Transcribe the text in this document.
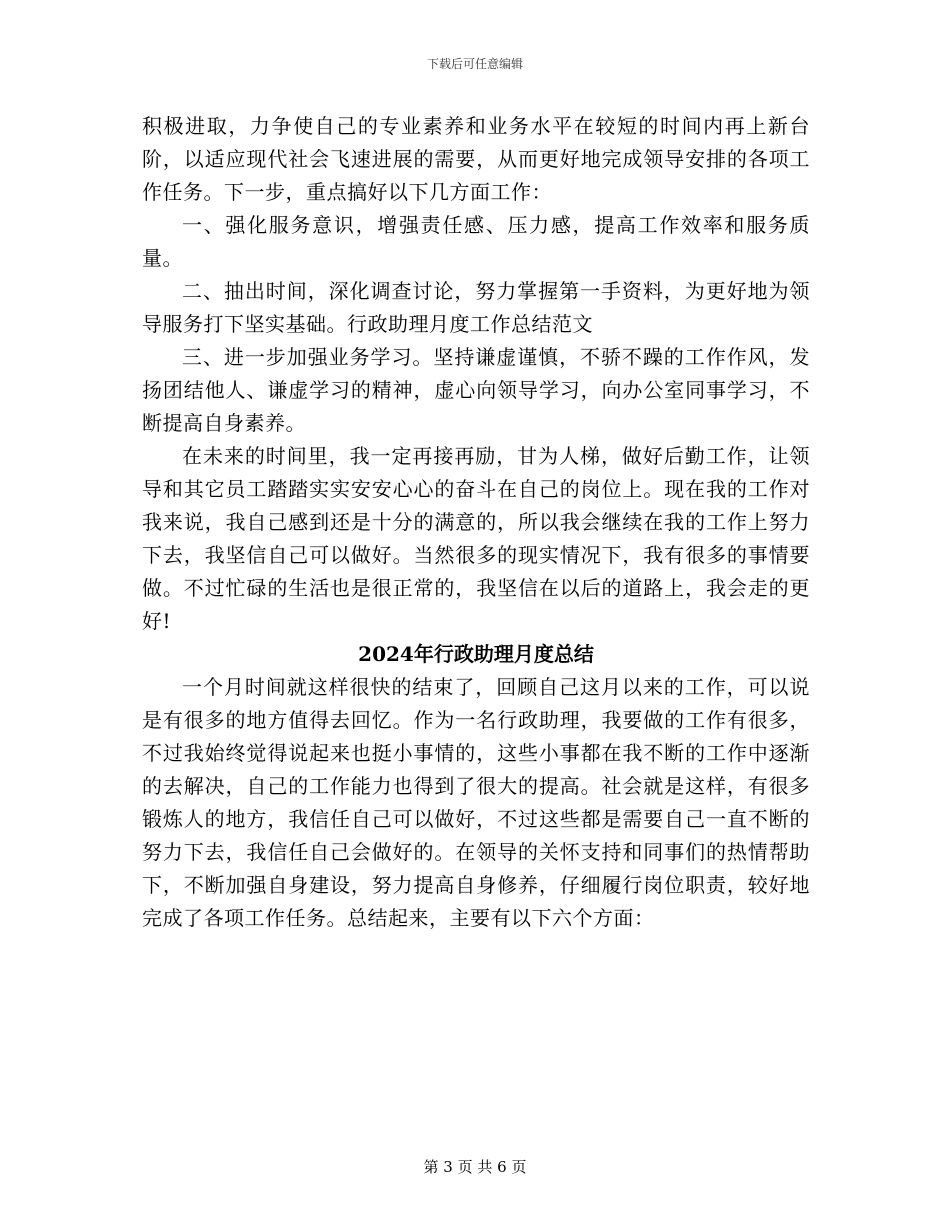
下载后可任意编辑

积极进取，力争使自己的专业素养和业务水平在较短的时间内再上新台阶，以适应现代社会飞速进展的需要，从而更好地完成领导安排的各项工作任务。下一步，重点搞好以下几方面工作：

一、强化服务意识，增强责任感、压力感，提高工作效率和服务质量。

二、抽出时间，深化调查讨论，努力掌握第一手资料，为更好地为领导服务打下坚实基础。行政助理月度工作总结范文

三、进一步加强业务学习。坚持谦虚谨慎，不骄不躁的工作作风，发扬团结他人、谦虚学习的精神，虚心向领导学习，向办公室同事学习，不断提高自身素养。

在未来的时间里，我一定再接再励，甘为人梯，做好后勤工作，让领导和其它员工踏踏实实安安心心的奋斗在自己的岗位上。现在我的工作对我来说，我自己感到还是十分的满意的，所以我会继续在我的工作上努力下去，我坚信自己可以做好。当然很多的现实情况下，我有很多的事情要做。不过忙碌的生活也是很正常的，我坚信在以后的道路上，我会走的更好!

2024年行政助理月度总结

一个月时间就这样很快的结束了，回顾自己这月以来的工作，可以说是有很多的地方值得去回忆。作为一名行政助理，我要做的工作有很多，不过我始终觉得说起来也挺小事情的，这些小事都在我不断的工作中逐渐的去解决，自己的工作能力也得到了很大的提高。社会就是这样，有很多锻炼人的地方，我信任自己可以做好，不过这些都是需要自己一直不断的努力下去，我信任自己会做好的。在领导的关怀支持和同事们的热情帮助下，不断加强自身建设，努力提高自身修养，仔细履行岗位职责，较好地完成了各项工作任务。总结起来，主要有以下六个方面：

第 3 页 共 6 页
